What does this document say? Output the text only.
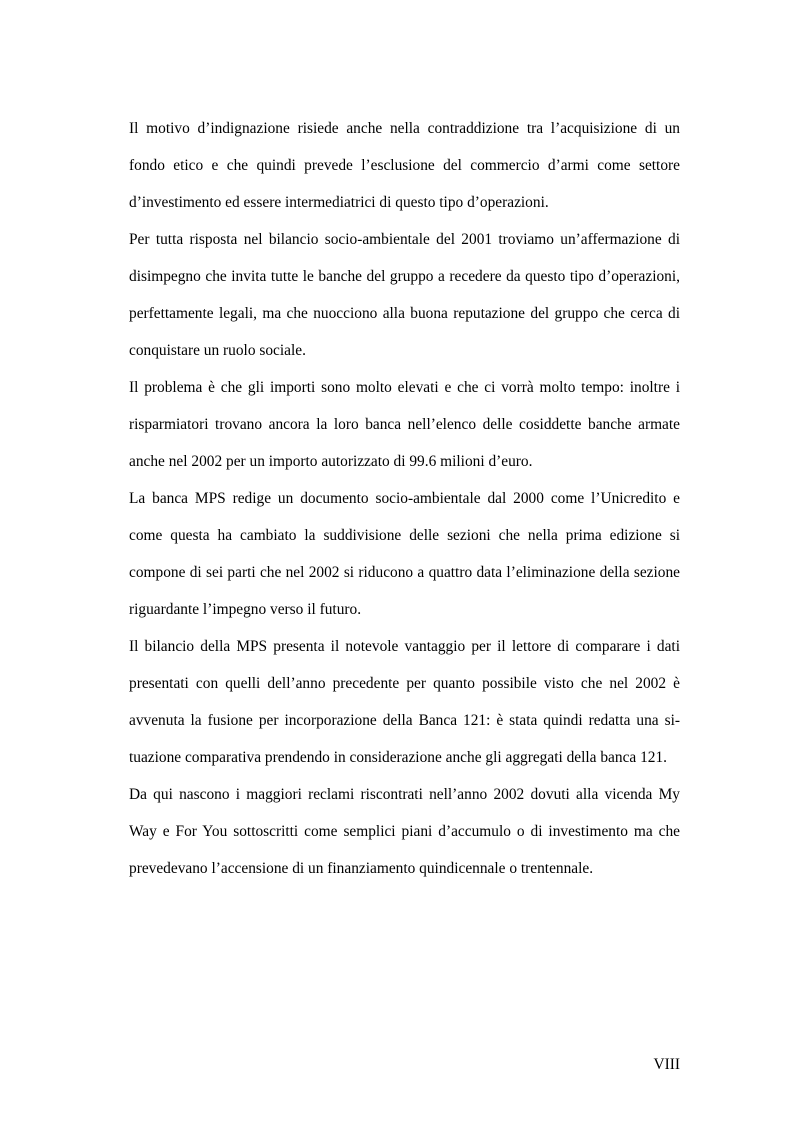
Il motivo d’indignazione risiede anche nella contraddizione tra l’acquisizione di un fondo etico e che quindi prevede l’esclusione del commercio d’armi come settore d’investimento ed essere intermediatrici di questo tipo d’operazioni.

Per tutta risposta nel bilancio socio-ambientale del 2001 troviamo un’affermazione di disimpegno che invita tutte le banche del gruppo a recedere da questo tipo d’operazioni, perfettamente legali, ma che nuocciono alla buona reputazione del gruppo che cerca di conquistare un ruolo sociale.

Il problema è che gli importi sono molto elevati e che ci vorrà molto tempo: inoltre i risparmiatori trovano ancora la loro banca nell’elenco delle cosiddette banche armate anche nel 2002 per un importo autorizzato di 99.6 milioni d’euro.

La banca MPS redige un documento socio-ambientale dal 2000 come l’Unicredito e come questa ha cambiato la suddivisione delle sezioni che nella prima edizione si compone di sei parti che nel 2002 si riducono a quattro data l’eliminazione della sezione riguardante l’impegno verso il futuro.

Il bilancio della MPS presenta il notevole vantaggio per il lettore di comparare i dati presentati con quelli dell’anno precedente per quanto possibile visto che nel 2002 è avvenuta la fusione per incorporazione della Banca 121: è stata quindi redatta una situazione comparativa prendendo in considerazione anche gli aggregati della banca 121.

Da qui nascono i maggiori reclami riscontrati nell’anno 2002 dovuti alla vicenda My Way e For You sottoscritti come semplici piani d’accumulo o di investimento ma che prevedevano l’accensione di un finanziamento quindicennale o trentennale.

VIII
